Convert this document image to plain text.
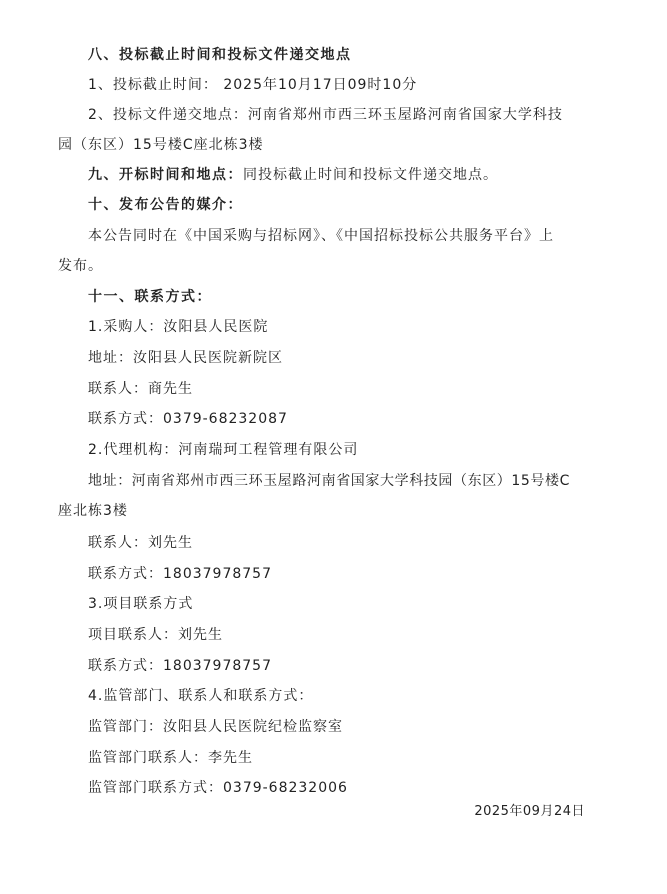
八、投标截止时间和投标文件递交地点
1、投标截止时间： 2025年10月17日09时10分
2、投标文件递交地点：河南省郑州市西三环玉屋路河南省国家大学科技
园（东区）15号楼C座北栋3楼
九、开标时间和地点：同投标截止时间和投标文件递交地点。
十、发布公告的媒介：
本公告同时在《中国采购与招标网》、《中国招标投标公共服务平台》上
发布。
十一、联系方式：
1.采购人：汝阳县人民医院
地址：汝阳县人民医院新院区
联系人：商先生
联系方式：0379-68232087
2.代理机构：河南瑞珂工程管理有限公司
地址：河南省郑州市西三环玉屋路河南省国家大学科技园（东区）15号楼C
座北栋3楼
联系人：刘先生
联系方式：18037978757
3.项目联系方式
项目联系人：刘先生
联系方式：18037978757
4.监管部门、联系人和联系方式：
监管部门：汝阳县人民医院纪检监察室
监管部门联系人：李先生
监管部门联系方式：0379-68232006
2025年09月24日
